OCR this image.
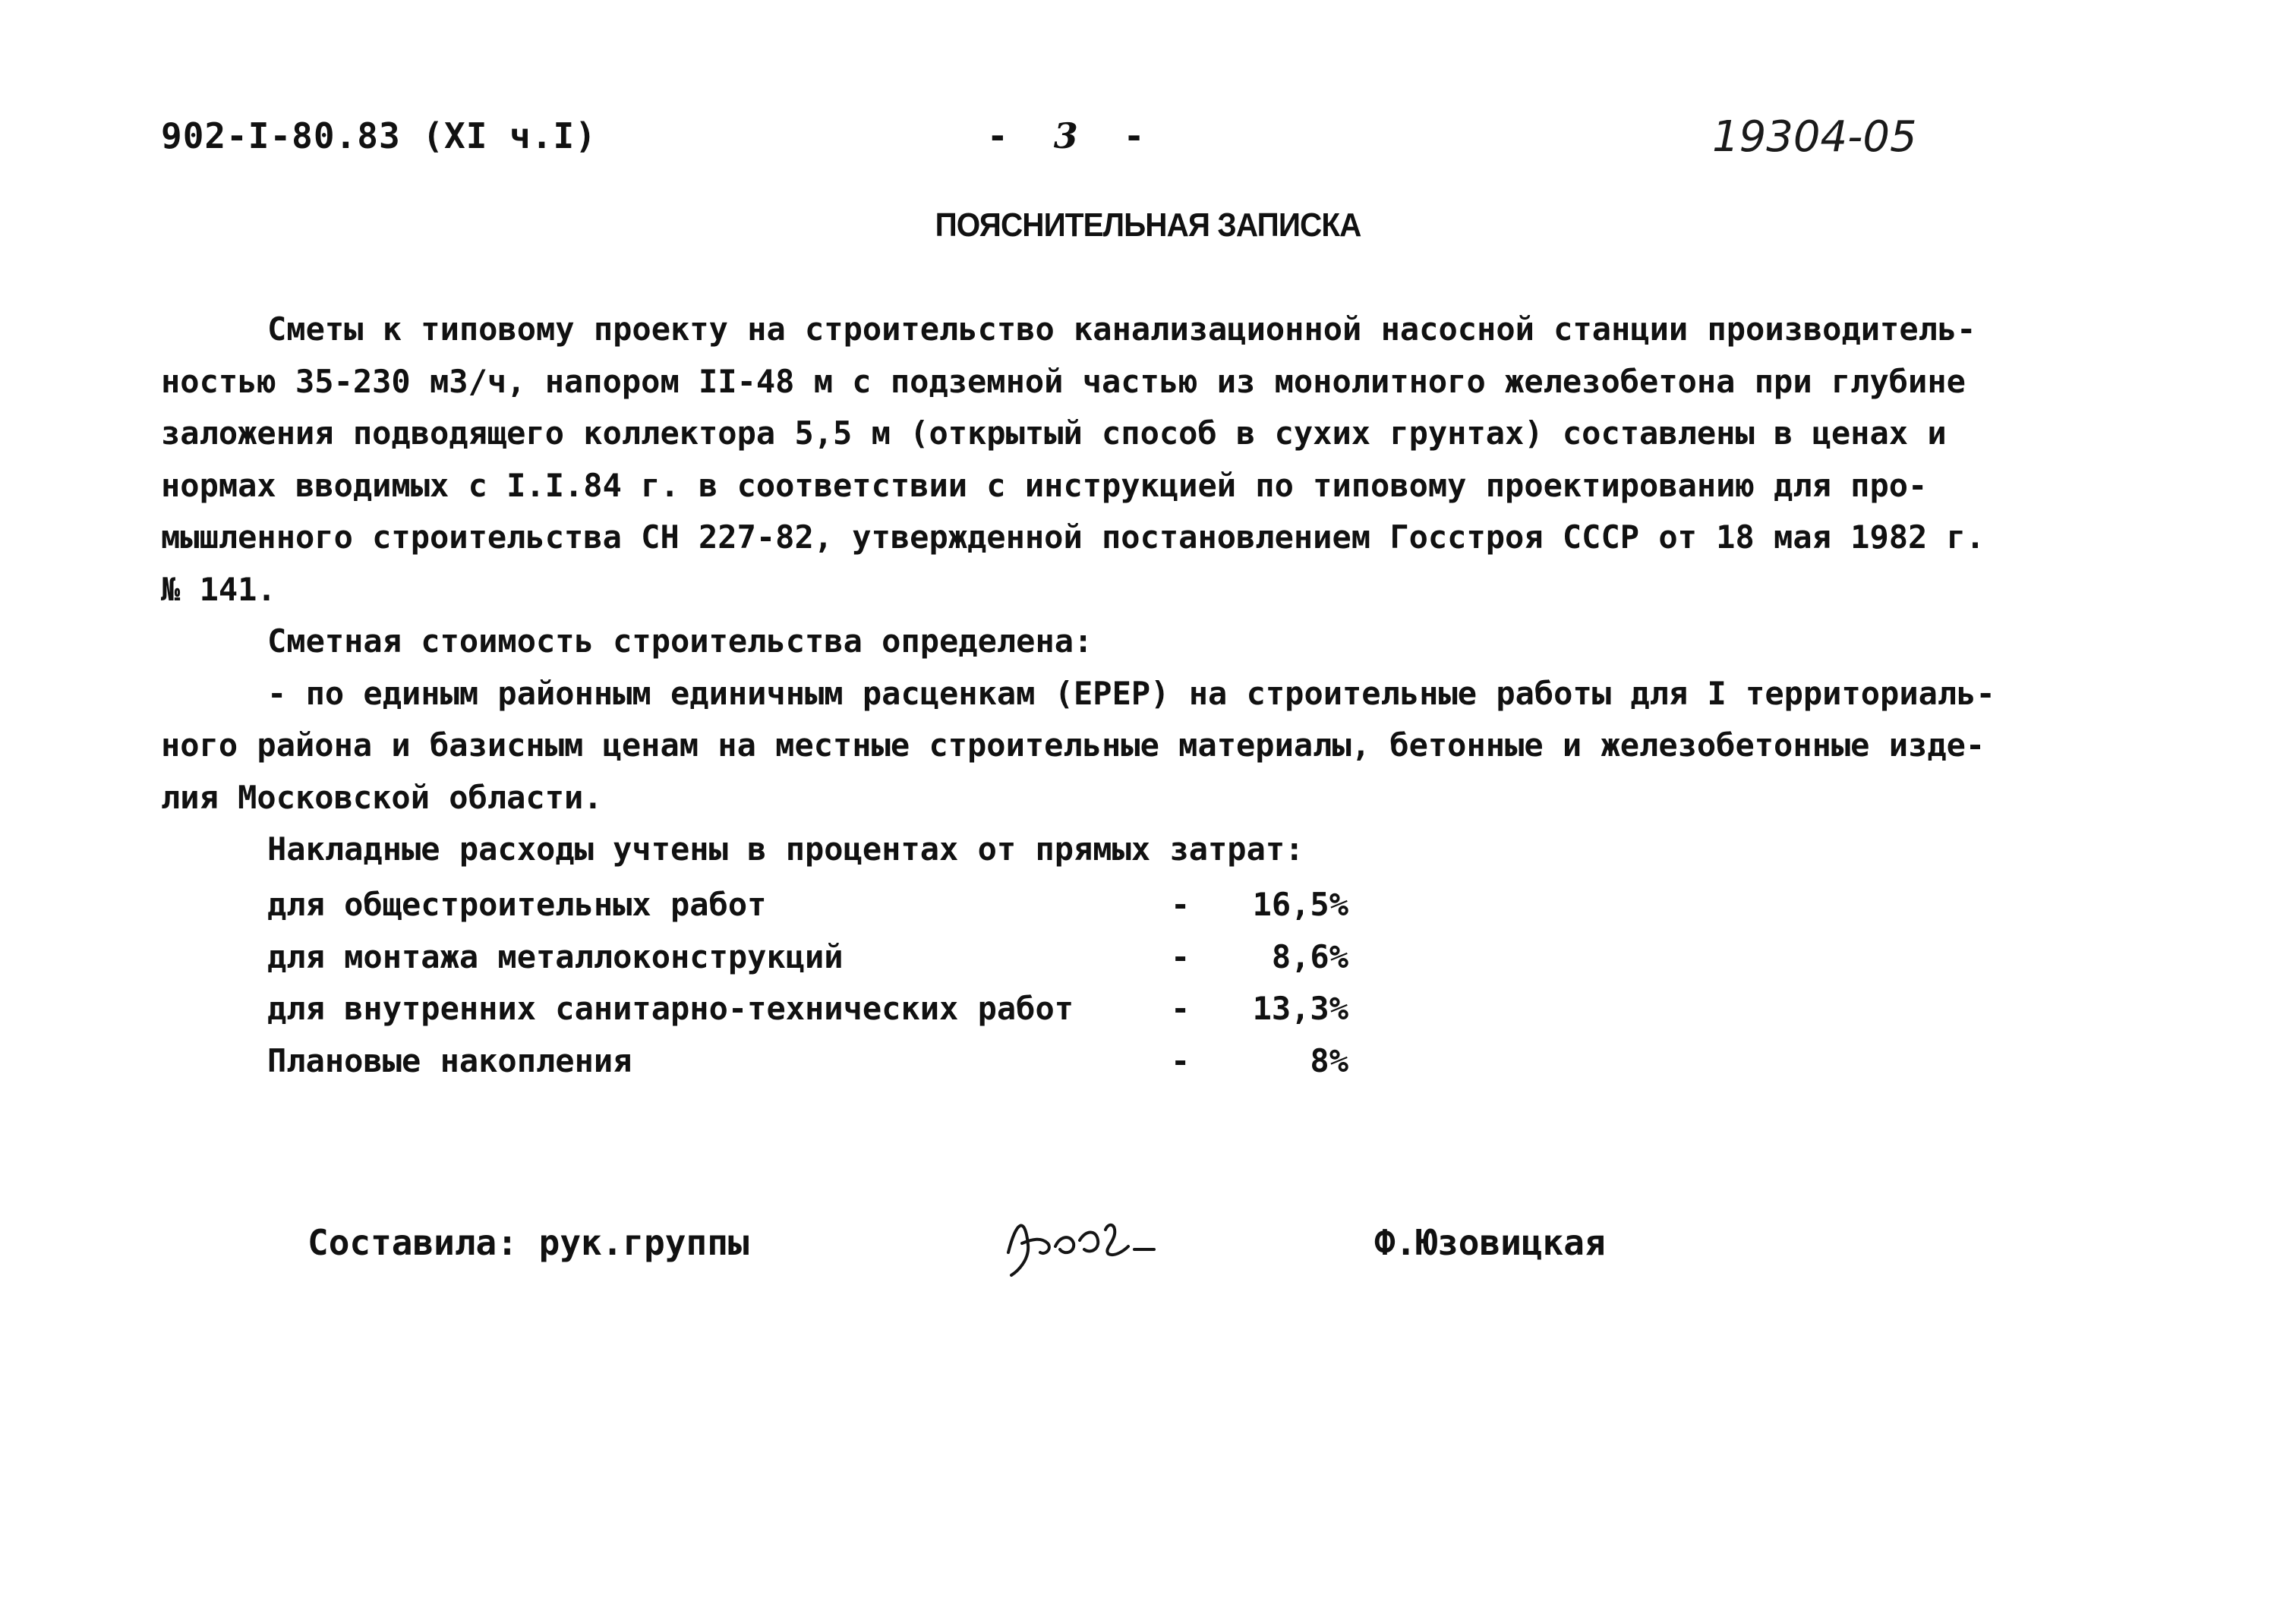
902-I-80.83 (XI ч.I)	- 3 -	19304-05
ПОЯСНИТЕЛЬНАЯ ЗАПИСКА

Сметы к типовому проекту на строительство канализационной насосной станции производитель-

ностью 35-230 м3/ч, напором II-48 м с подземной частью из монолитного железобетона при глубине

заложения подводящего коллектора 5,5 м (открытый способ в сухих грунтах) составлены в ценах и

нормах вводимых с I.I.84 г. в соответствии с инструкцией по типовому проектированию для про-

мышленного строительства СН 227-82, утвержденной постановлением Госстроя СССР от 18 мая 1982 г.

№ 141.

Сметная стоимость строительства определена:

- по единым районным единичным расценкам (ЕРЕР) на строительные работы для I территориаль-

ного района и базисным ценам на местные строительные материалы, бетонные и железобетонные изде-

лия Московской области.

Накладные расходы учтены в процентах от прямых затрат:

для общестроительных работ	-	16,5%
для монтажа металлоконструкций	-	8,6%
для внутренних санитарно-технических работ	-	13,3%
Плановые накопления	-	8%
Составила: рук.группы	Ф.Юзовицкая
